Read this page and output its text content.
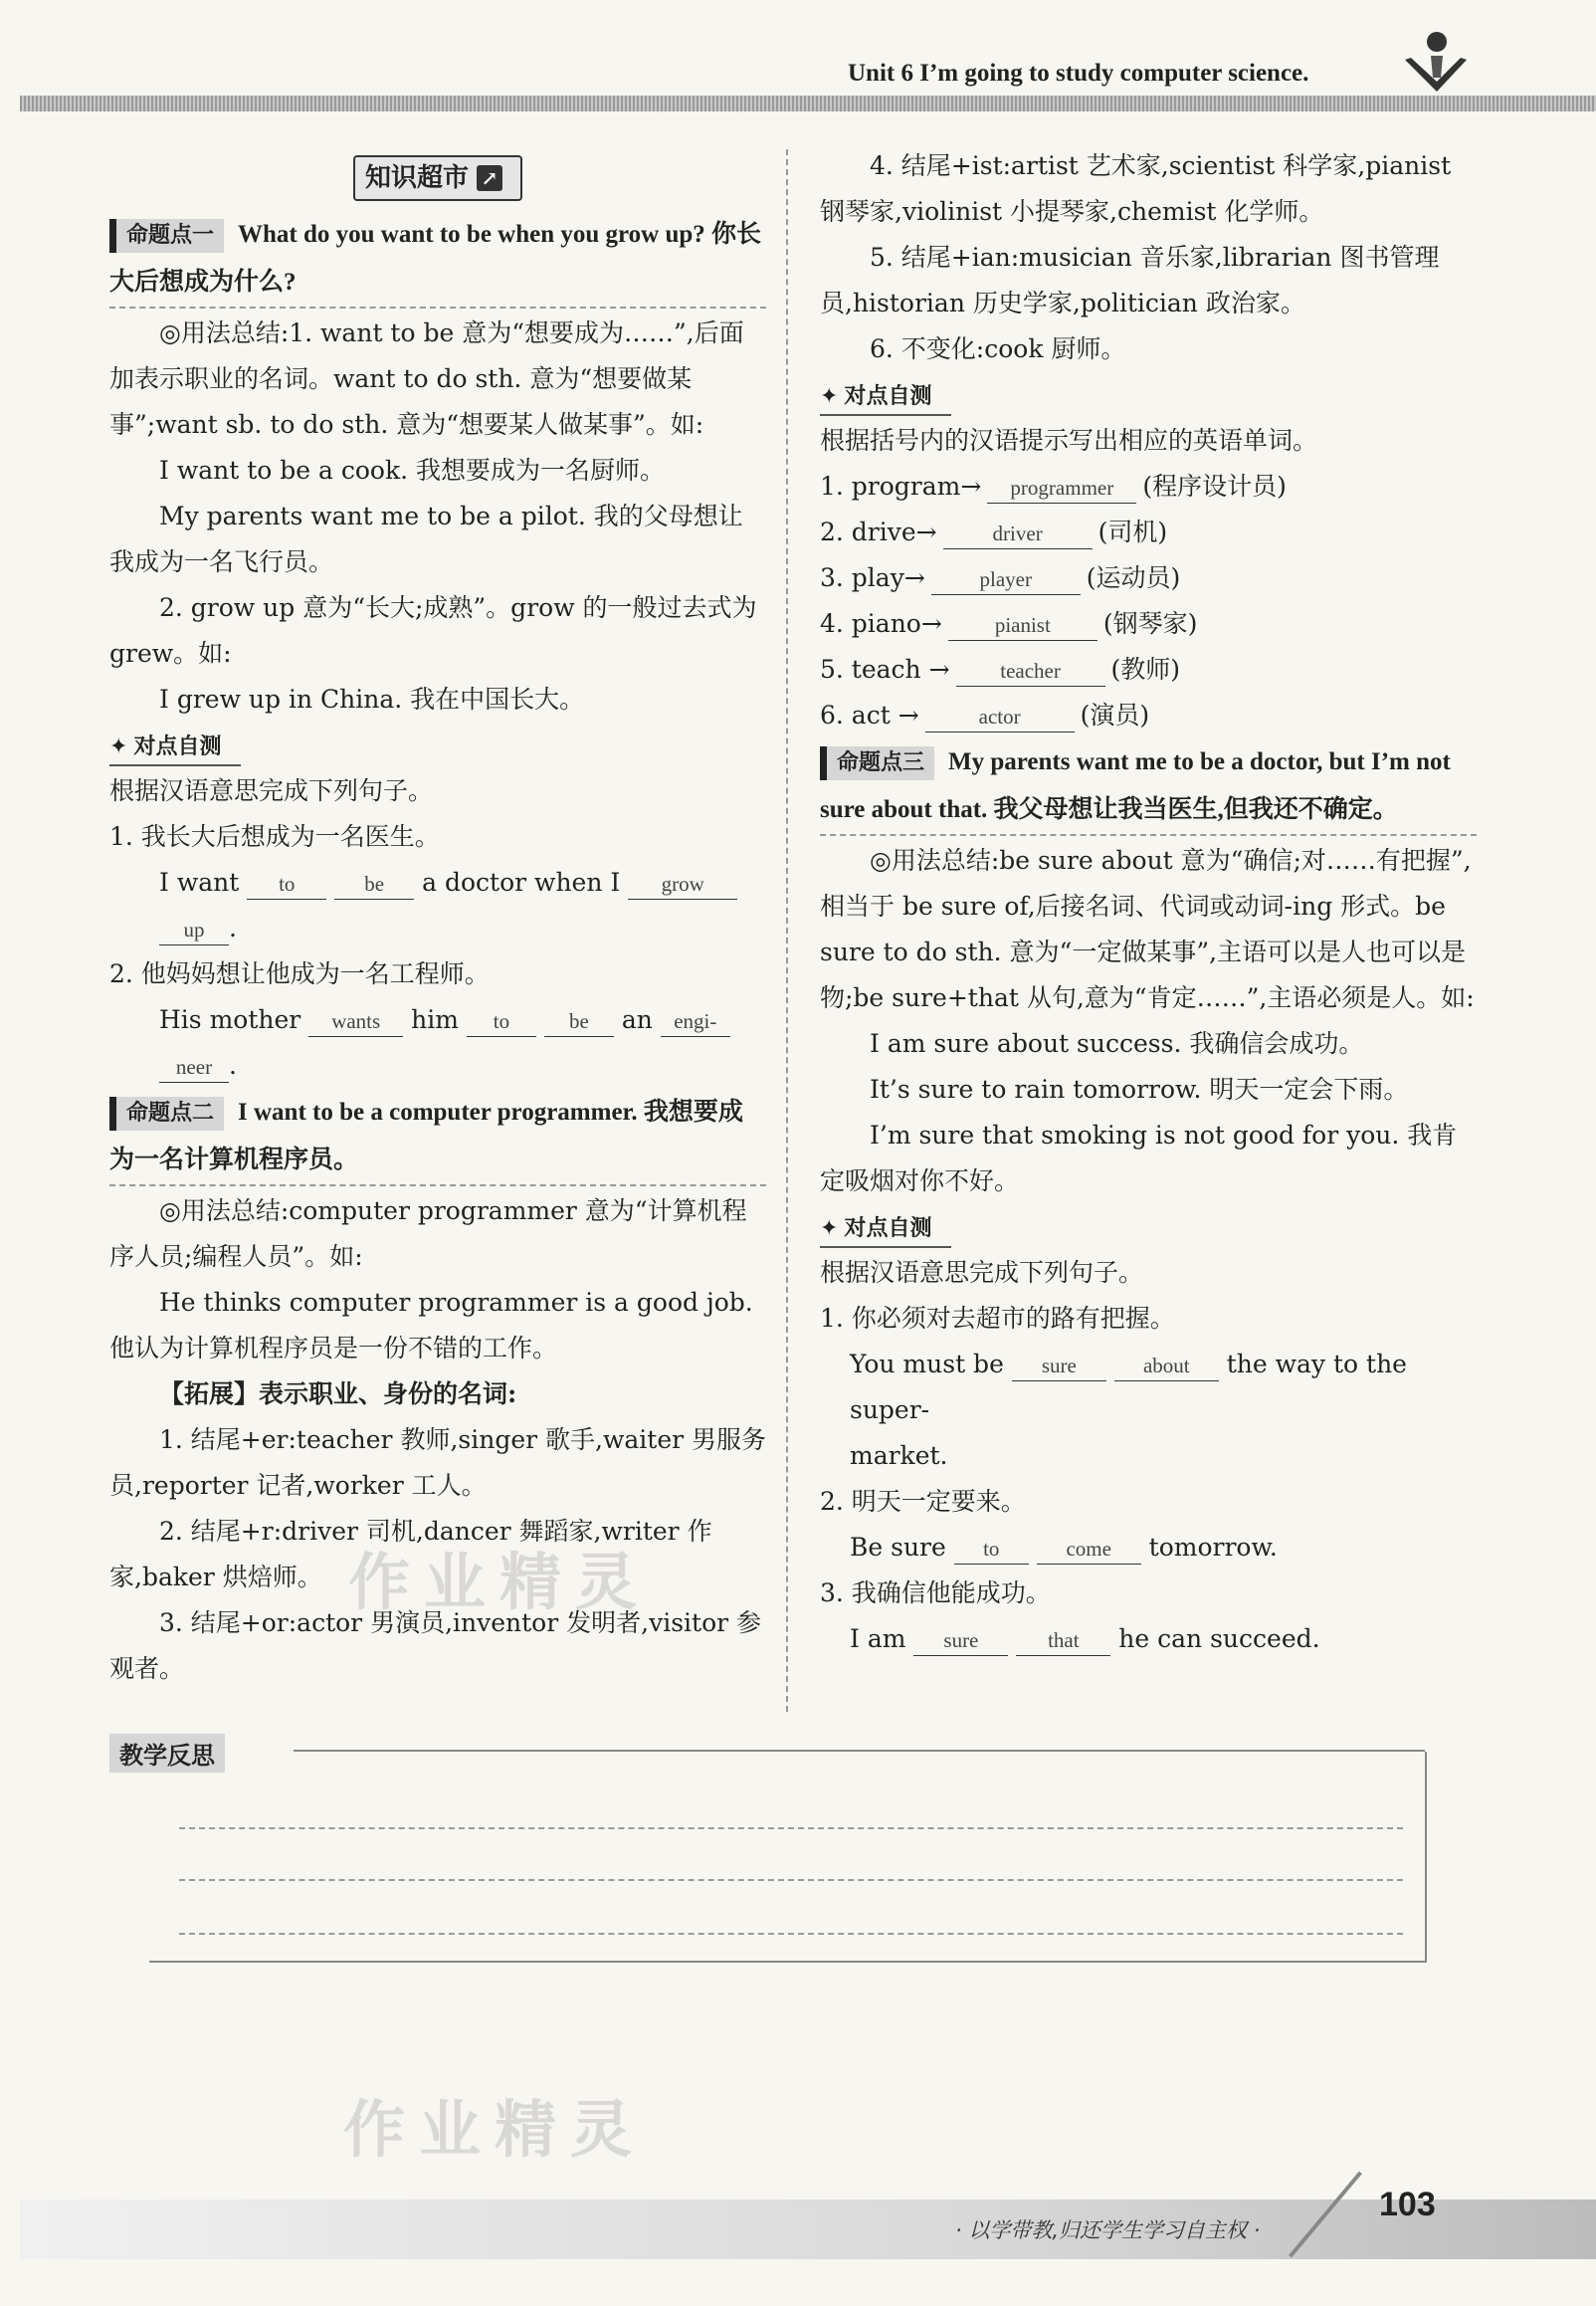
Unit 6 I’m going to study computer science.
作业精灵
作业精灵
知识超市 ↗
命题点一 What do you want to be when you grow up? 你长大后想成为什么?

◎用法总结:1. want to be 意为“想要成为……”,后面加表示职业的名词。want to do sth. 意为“想要做某事”;want sb. to do sth. 意为“想要某人做某事”。如:

I want to be a cook. 我想要成为一名厨师。

My parents want me to be a pilot. 我的父母想让我成为一名飞行员。

2. grow up 意为“长大;成熟”。grow 的一般过去式为 grew。如:

I grew up in China. 我在中国长大。

✦ 对点自测

根据汉语意思完成下列句子。

1. 我长大后想成为一名医生。

I want to	be a doctor when I grow
up .

2. 他妈妈想让他成为一名工程师。

His mother wants him to	be an engi-
neer .

命题点二 I want to be a computer programmer. 我想要成为一名计算机程序员。

◎用法总结:computer programmer 意为“计算机程序人员;编程人员”。如:

He thinks computer programmer is a good job. 他认为计算机程序员是一份不错的工作。

【拓展】表示职业、身份的名词:

1. 结尾+er:teacher 教师,singer 歌手,waiter 男服务员,reporter 记者,worker 工人。

2. 结尾+r:driver 司机,dancer 舞蹈家,writer 作家,baker 烘焙师。

3. 结尾+or:actor 男演员,inventor 发明者,visitor 参观者。

4. 结尾+ist:artist 艺术家,scientist 科学家,pianist 钢琴家,violinist 小提琴家,chemist 化学师。

5. 结尾+ian:musician 音乐家,librarian 图书管理员,historian 历史学家,politician 政治家。

6. 不变化:cook 厨师。

✦ 对点自测

根据括号内的汉语提示写出相应的英语单词。

1. program→ programmer (程序设计员)

2. drive→	driver (司机)

3. play→	player (运动员)

4. piano→	pianist (钢琴家)

5. teach → teacher (教师)

6. act →	actor (演员)

命题点三 My parents want me to be a doctor, but I’m not sure about that. 我父母想让我当医生,但我还不确定。

◎用法总结:be sure about 意为“确信;对……有把握”,相当于 be sure of,后接名词、代词或动词-ing 形式。be sure to do sth. 意为“一定做某事”,主语可以是人也可以是物;be sure+that 从句,意为“肯定……”,主语必须是人。如:

I am sure about success. 我确信会成功。

It’s sure to rain tomorrow. 明天一定会下雨。

I’m sure that smoking is not good for you. 我肯定吸烟对你不好。

✦ 对点自测

根据汉语意思完成下列句子。

1. 你必须对去超市的路有把握。

You must be sure	about the way to the super-
market.

2. 明天一定要来。

Be sure to	come tomorrow.

3. 我确信他能成功。

I am sure	that he can succeed.

教学反思
· 以学带教,归还学生学习自主权 ·
103
